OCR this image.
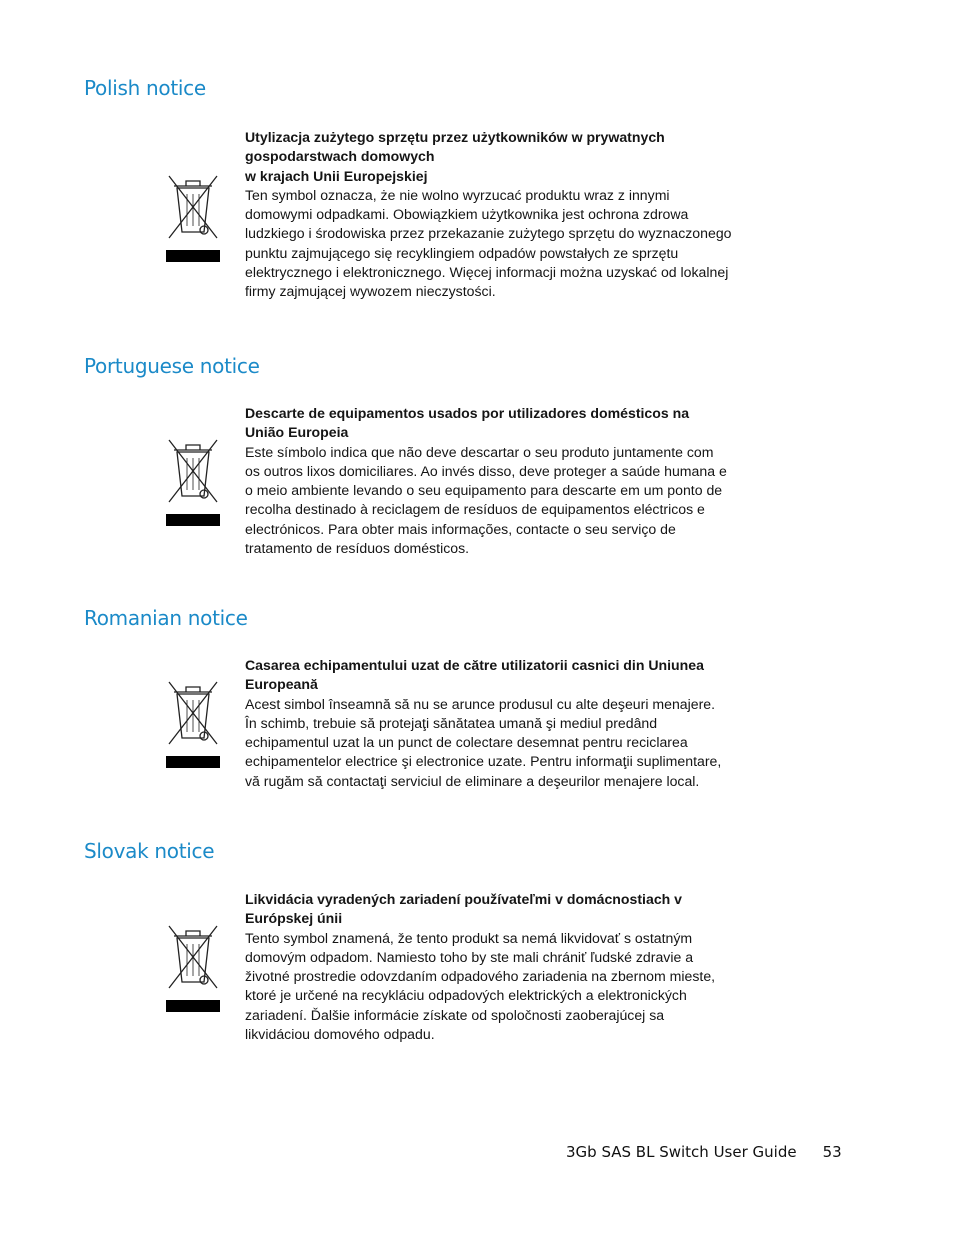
Polish notice

Utylizacja zużytego sprzętu przez użytkowników w prywatnych
gospodarstwach domowych
w krajach Unii Europejskiej

Ten symbol oznacza, że nie wolno wyrzucać produktu wraz z innymi
domowymi odpadkami. Obowiązkiem użytkownika jest ochrona zdrowa
ludzkiego i środowiska przez przekazanie zużytego sprzętu do wyznaczonego
punktu zajmującego się recyklingiem odpadów powstałych ze sprzętu
elektrycznego i elektronicznego. Więcej informacji można uzyskać od lokalnej
firmy zajmującej wywozem nieczystości.

Portuguese notice

Descarte de equipamentos usados por utilizadores domésticos na
União Europeia

Este símbolo indica que não deve descartar o seu produto juntamente com
os outros lixos domiciliares. Ao invés disso, deve proteger a saúde humana e
o meio ambiente levando o seu equipamento para descarte em um ponto de
recolha destinado à reciclagem de resíduos de equipamentos eléctricos e
electrónicos. Para obter mais informações, contacte o seu serviço de
tratamento de resíduos domésticos.

Romanian notice

Casarea echipamentului uzat de către utilizatorii casnici din Uniunea
Europeană

Acest simbol înseamnă să nu se arunce produsul cu alte deşeuri menajere.
În schimb, trebuie să protejaţi sănătatea umană şi mediul predând
echipamentul uzat la un punct de colectare desemnat pentru reciclarea
echipamentelor electrice şi electronice uzate. Pentru informaţii suplimentare,
vă rugăm să contactaţi serviciul de eliminare a deşeurilor menajere local.

Slovak notice

Likvidácia vyradených zariadení používateľmi v domácnostiach v
Európskej únii

Tento symbol znamená, že tento produkt sa nemá likvidovať s ostatným
domovým odpadom. Namiesto toho by ste mali chrániť ľudské zdravie a
životné prostredie odovzdaním odpadového zariadenia na zbernom mieste,
ktoré je určené na recykláciu odpadových elektrických a elektronických
zariadení. Ďalšie informácie získate od spoločnosti zaoberajúcej sa
likvidáciou domového odpadu.

3Gb SAS BL Switch User Guide 53
